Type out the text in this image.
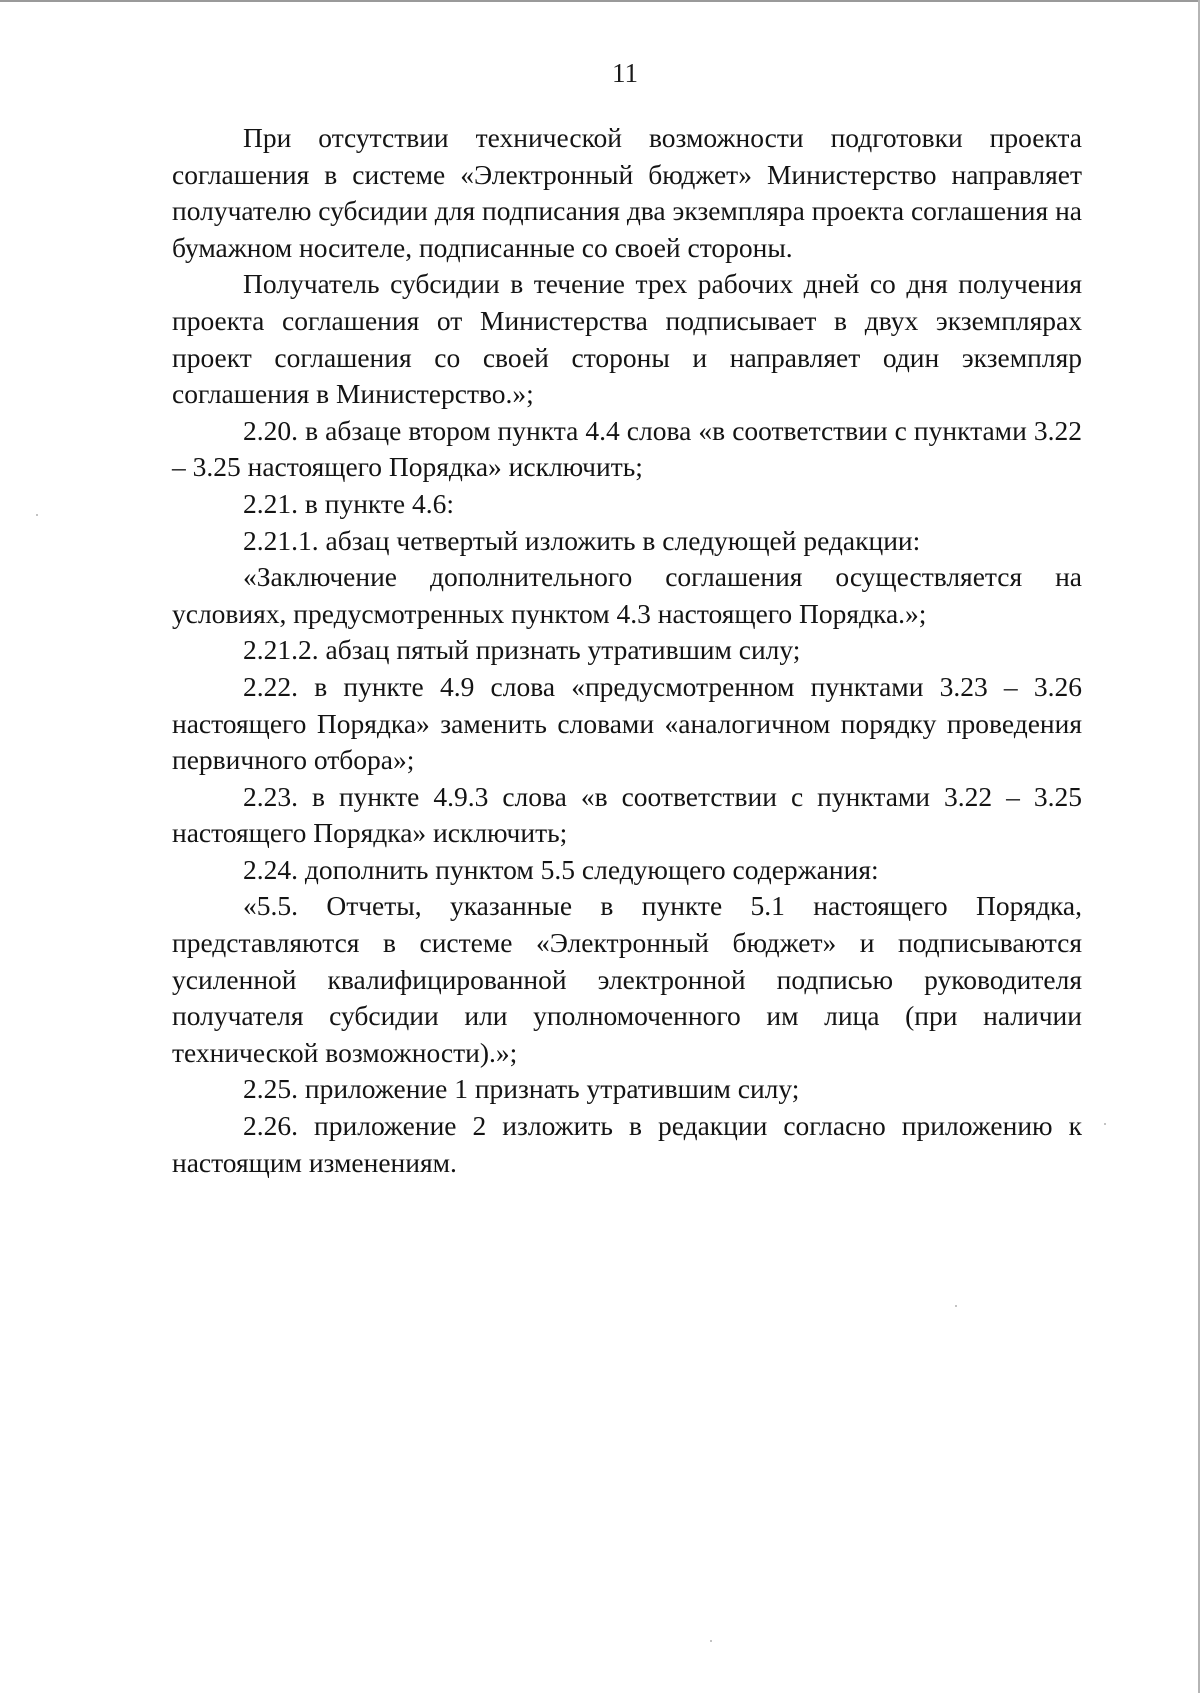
11

При отсутствии технической возможности подготовки проекта соглашения в системе «Электронный бюджет» Министерство направляет получателю субсидии для подписания два экземпляра проекта соглашения на бумажном носителе, подписанные со своей стороны.

Получатель субсидии в течение трех рабочих дней со дня получения проекта соглашения от Министерства подписывает в двух экземплярах проект соглашения со своей стороны и направляет один экземпляр соглашения в Министерство.»;

2.20. в абзаце втором пункта 4.4 слова «в соответствии с пунктами 3.22 – 3.25 настоящего Порядка» исключить;

2.21. в пункте 4.6:

2.21.1. абзац четвертый изложить в следующей редакции:

«Заключение дополнительного соглашения осуществляется на условиях, предусмотренных пунктом 4.3 настоящего Порядка.»;

2.21.2. абзац пятый признать утратившим силу;

2.22. в пункте 4.9 слова «предусмотренном пунктами 3.23 – 3.26 настоящего Порядка» заменить словами «аналогичном порядку проведения первичного отбора»;

2.23. в пункте 4.9.3 слова «в соответствии с пунктами 3.22 – 3.25 настоящего Порядка» исключить;

2.24. дополнить пунктом 5.5 следующего содержания:

«5.5. Отчеты, указанные в пункте 5.1 настоящего Порядка, представляются в системе «Электронный бюджет» и подписываются усиленной квалифицированной электронной подписью руководителя получателя субсидии или уполномоченного им лица (при наличии технической возможности).»;

2.25. приложение 1 признать утратившим силу;

2.26. приложение 2 изложить в редакции согласно приложению к настоящим изменениям.
